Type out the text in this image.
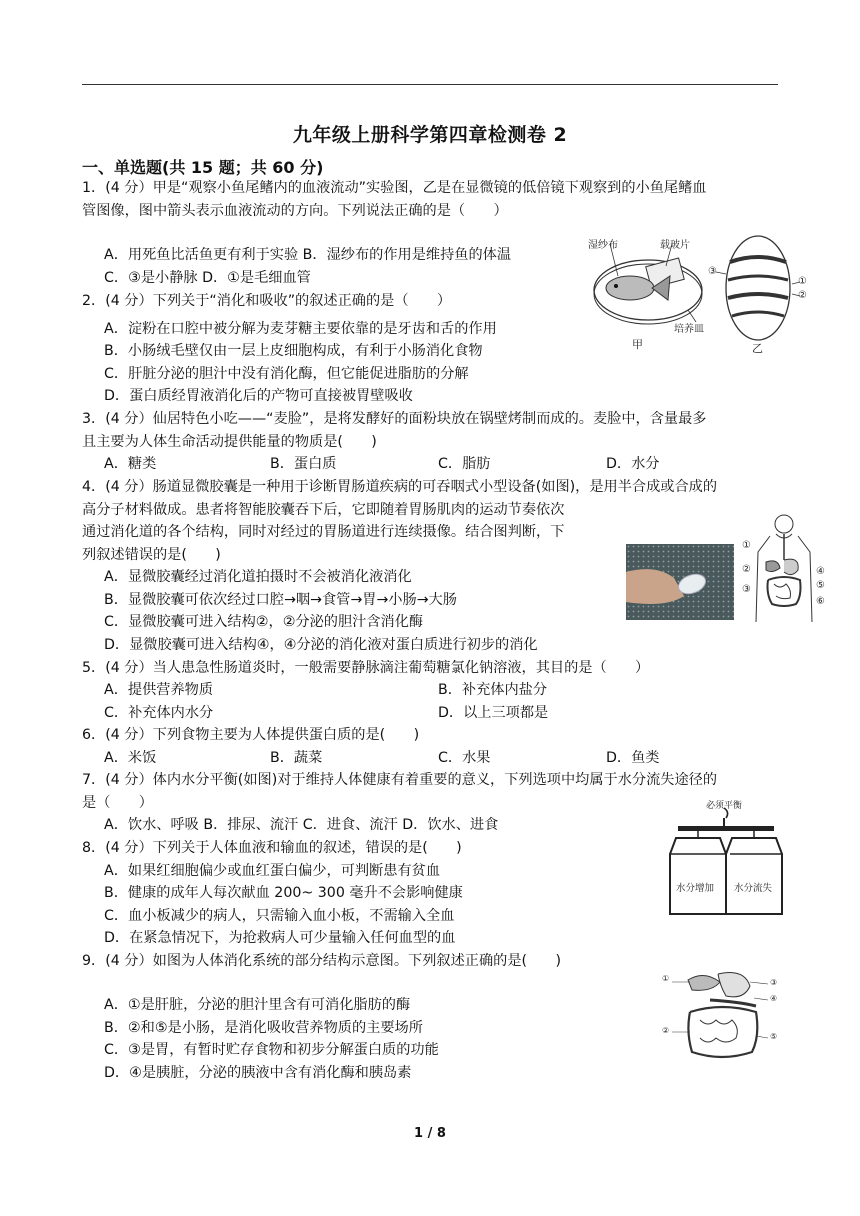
九年级上册科学第四章检测卷 2
一、单选题(共 15 题；共 60 分)
1．(4 分）甲是“观察小鱼尾鳍内的血液流动”实验图，乙是在显微镜的低倍镜下观察到的小鱼尾鳍血
管图像，图中箭头表示血液流动的方向。下列说法正确的是（　　）
A．用死鱼比活鱼更有利于实验 B．湿纱布的作用是维持鱼的体温
C．③是小静脉 D．①是毛细血管
湿纱布	载玻片
培养皿
甲
③
①
②
乙
2．(4 分）下列关于“消化和吸收”的叙述正确的是（　　）
A．淀粉在口腔中被分解为麦芽糖主要依靠的是牙齿和舌的作用
B．小肠绒毛壁仅由一层上皮细胞构成，有利于小肠消化食物
C．肝脏分泌的胆汁中没有消化酶，但它能促进脂肪的分解
D．蛋白质经胃液消化后的产物可直接被胃壁吸收
3．(4 分）仙居特色小吃——“麦脸”，是将发酵好的面粉块放在锅壁烤制而成的。麦脸中，含量最多
且主要为人体生命活动提供能量的物质是(　　)
A．糖类	B．蛋白质	C．脂肪	D．水分
4．(4 分）肠道显微胶囊是一种用于诊断胃肠道疾病的可吞咽式小型设备(如图)，是用半合成或合成的
高分子材料做成。患者将智能胶囊吞下后，它即随着胃肠肌肉的运动节奏依次
通过消化道的各个结构，同时对经过的胃肠道进行连续摄像。结合图判断，下
列叙述错误的是(　　)
A．显微胶囊经过消化道拍摄时不会被消化液消化
B．显微胶囊可依次经过口腔→咽→食管→胃→小肠→大肠
C．显微胶囊可进入结构②，②分泌的胆汁含消化酶
D．显微胶囊可进入结构④，④分泌的消化液对蛋白质进行初步的消化
①
②
③
④
⑤
⑥
5．(4 分）当人患急性肠道炎时，一般需要静脉滴注葡萄糖氯化钠溶液，其目的是（　　）
A．提供营养物质	B．补充体内盐分
C．补充体内水分	D．以上三项都是
6．(4 分）下列食物主要为人体提供蛋白质的是(　　)
A．米饭	B．蔬菜	C．水果	D．鱼类
7．(4 分）体内水分平衡(如图)对于维持人体健康有着重要的意义，下列选项中均属于水分流失途径的
是（　　）
A．饮水、呼吸 B．排尿、流汗 C．进食、流汗 D．饮水、进食
必须平衡
水分增加 水分流失
8．(4 分）下列关于人体血液和输血的叙述，错误的是(　　)
A．如果红细胞偏少或血红蛋白偏少，可判断患有贫血
B．健康的成年人每次献血 200~ 300 毫升不会影响健康
C．血小板减少的病人，只需输入血小板，不需输入全血
D．在紧急情况下，为抢救病人可少量输入任何血型的血
9．(4 分）如图为人体消化系统的部分结构示意图。下列叙述正确的是(　　)
A．①是肝脏，分泌的胆汁里含有可消化脂肪的酶
B．②和⑤是小肠，是消化吸收营养物质的主要场所
C．③是胃，有暂时贮存食物和初步分解蛋白质的功能
D．④是胰脏，分泌的胰液中含有消化酶和胰岛素
①
②
③
④
⑤
1 / 8
